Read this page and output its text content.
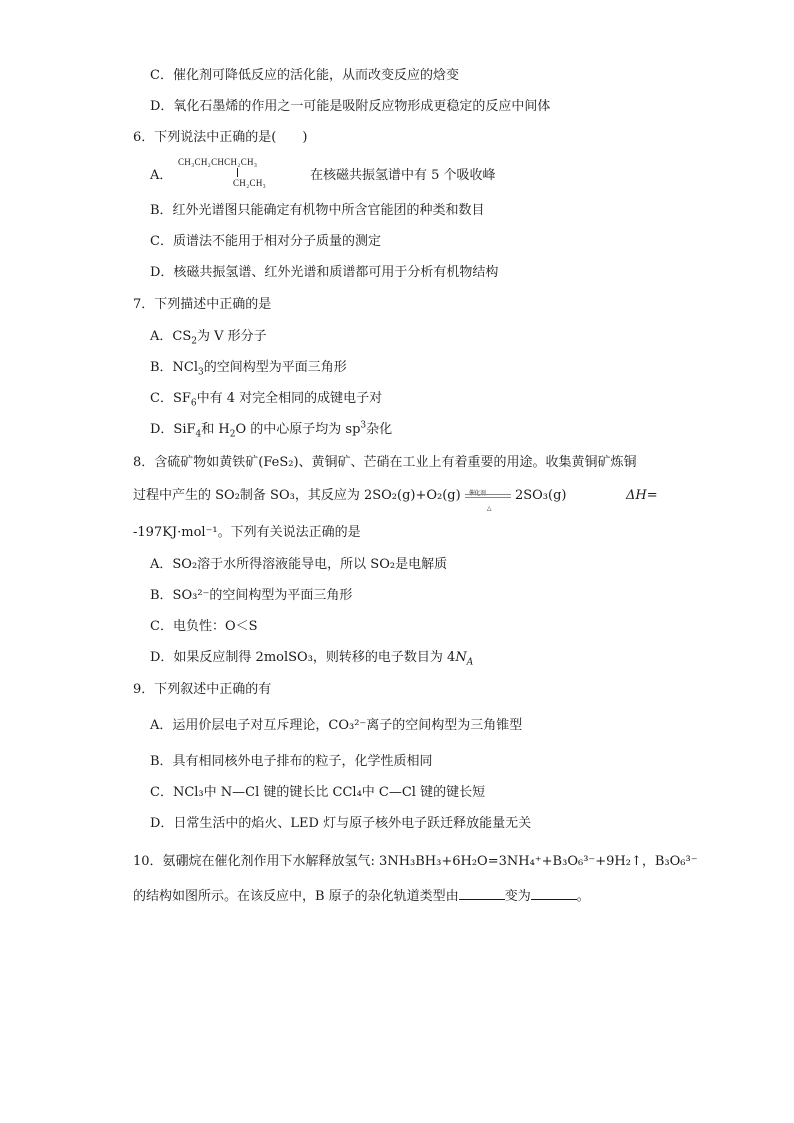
C．催化剂可降低反应的活化能，从而改变反应的焓变
D．氧化石墨烯的作用之一可能是吸附反应物形成更稳定的反应中间体
6．下列说法中正确的是(　　)
A．
CH₃CH₂CHCH₂CH₃
CH₂CH₃	在核磁共振氢谱中有 5 个吸收峰
B．红外光谱图只能确定有机物中所含官能团的种类和数目
C．质谱法不能用于相对分子质量的测定
D．核磁共振氢谱、红外光谱和质谱都可用于分析有机物结构
7．下列描述中正确的是
A．$CS_2$为 V 形分子
B．NCl$_3$的空间构型为平面三角形
C．$SF_6$中有 4 对完全相同的成键电子对
D．SiF$_4$和 $H_2O$ 的中心原子均为 $sp^3$杂化
8．含硫矿物如黄铁矿(FeS₂)、黄铜矿、芒硝在工业上有着重要的用途。收集黄铜矿炼铜
过程中产生的 SO₂制备 SO₃，其反应为 2SO₂(g)+O₂(g)
△
2SO₃(g)	ΔH=
-197KJ·mol⁻¹。下列有关说法正确的是
A．SO₂溶于水所得溶液能导电，所以 SO₂是电解质
B．SO₃²⁻的空间构型为平面三角形
C．电负性：O＜S
D．如果反应制得 2molSO₃，则转移的电子数目为 $4N_A$
9．下列叙述中正确的有
A．运用价层电子对互斥理论，CO₃²⁻离子的空间构型为三角锥型
B．具有相同核外电子排布的粒子，化学性质相同
C．NCl₃中 N—Cl 键的键长比 CCl₄中 C—Cl 键的键长短
D．日常生活中的焰火、LED 灯与原子核外电子跃迁释放能量无关
10．氨硼烷在催化剂作用下水解释放氢气: 3NH₃BH₃+6H₂O=3NH₄⁺+B₃O₆³⁻+9H₂↑，B₃O₆³⁻
的结构如图所示。在该反应中，B 原子的杂化轨道类型由	变为	。
